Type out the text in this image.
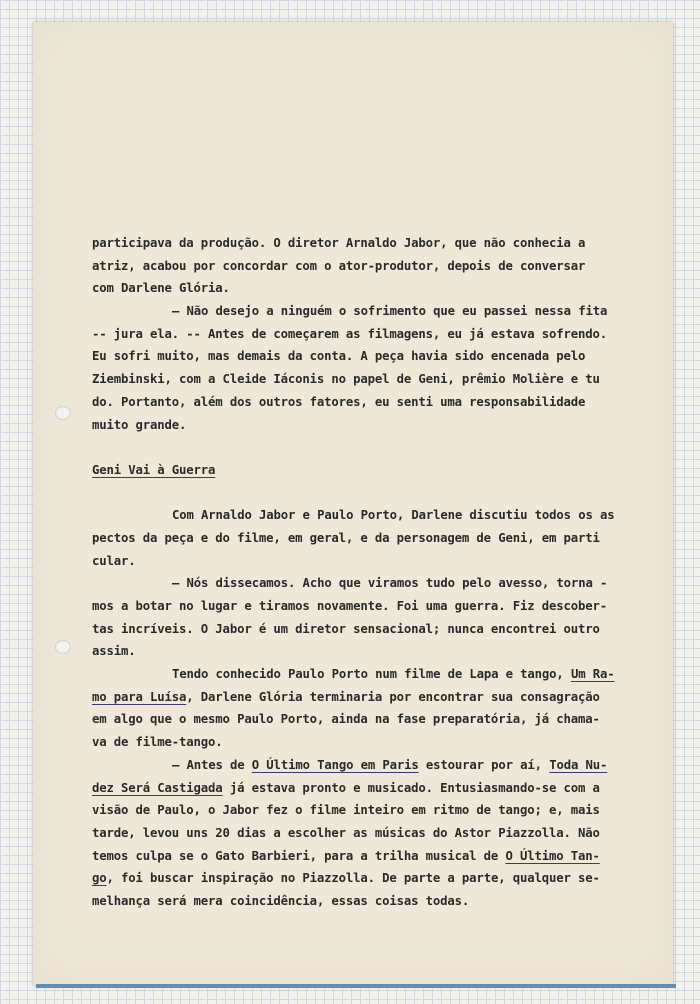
participava da produção. O diretor Arnaldo Jabor, que não conhecia a
atriz, acabou por concordar com o ator-produtor, depois de conversar
com Darlene Glória.
— Não desejo a ninguém o sofrimento que eu passei nessa fita
-- jura ela. -- Antes de começarem as filmagens, eu já estava sofrendo.
Eu sofri muito, mas demais da conta. A peça havia sido encenada pelo
Ziembinski, com a Cleide Iáconis no papel de Geni, prêmio Molière e tu
do. Portanto, além dos outros fatores, eu senti uma responsabilidade
muito grande.
Geni Vai à Guerra
Com Arnaldo Jabor e Paulo Porto, Darlene discutiu todos os as
pectos da peça e do filme, em geral, e da personagem de Geni, em parti
cular.
— Nós dissecamos. Acho que viramos tudo pelo avesso, torna -
mos a botar no lugar e tiramos novamente. Foi uma guerra. Fiz descober-
tas incríveis. O Jabor é um diretor sensacional; nunca encontrei outro
assim.
Tendo conhecido Paulo Porto num filme de Lapa e tango, Um Ra-
mo para Luísa, Darlene Glória terminaria por encontrar sua consagração
em algo que o mesmo Paulo Porto, ainda na fase preparatória, já chama-
va de filme-tango.
— Antes de O Último Tango em Paris estourar por aí, Toda Nu-
dez Será Castigada já estava pronto e musicado. Entusiasmando-se com a
visão de Paulo, o Jabor fez o filme inteiro em ritmo de tango; e, mais
tarde, levou uns 20 dias a escolher as músicas do Astor Piazzolla. Não
temos culpa se o Gato Barbieri, para a trilha musical de O Último Tan-
go, foi buscar inspiração no Piazzolla. De parte a parte, qualquer se-
melhança será mera coincidência, essas coisas todas.
